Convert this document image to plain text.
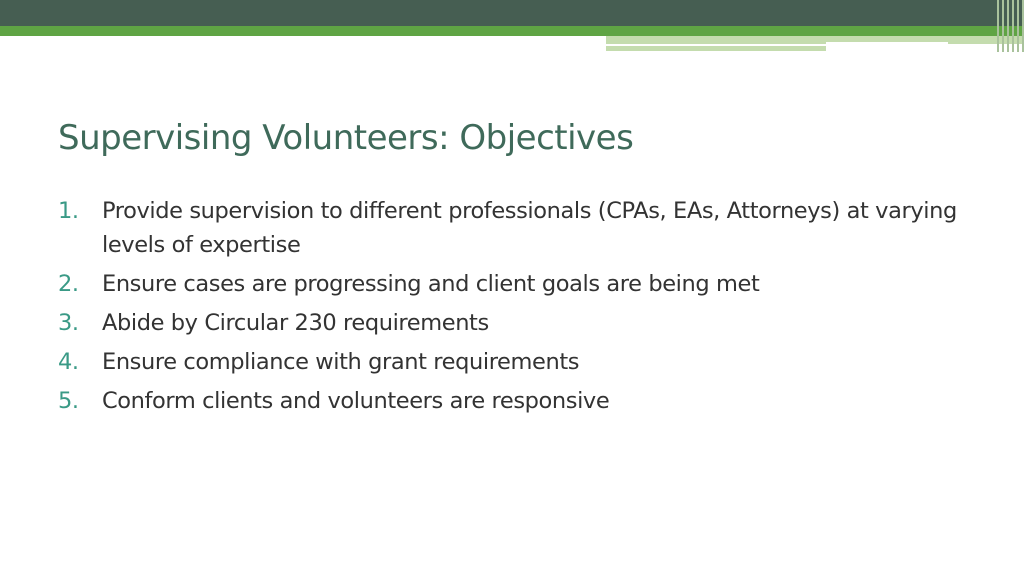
Supervising Volunteers: Objectives
1.	Provide supervision to different professionals (CPAs, EAs, Attorneys) at varying levels of expertise
2.	Ensure cases are progressing and client goals are being met
3.	Abide by Circular 230 requirements
4.	Ensure compliance with grant requirements
5.	Conform clients and volunteers are responsive
